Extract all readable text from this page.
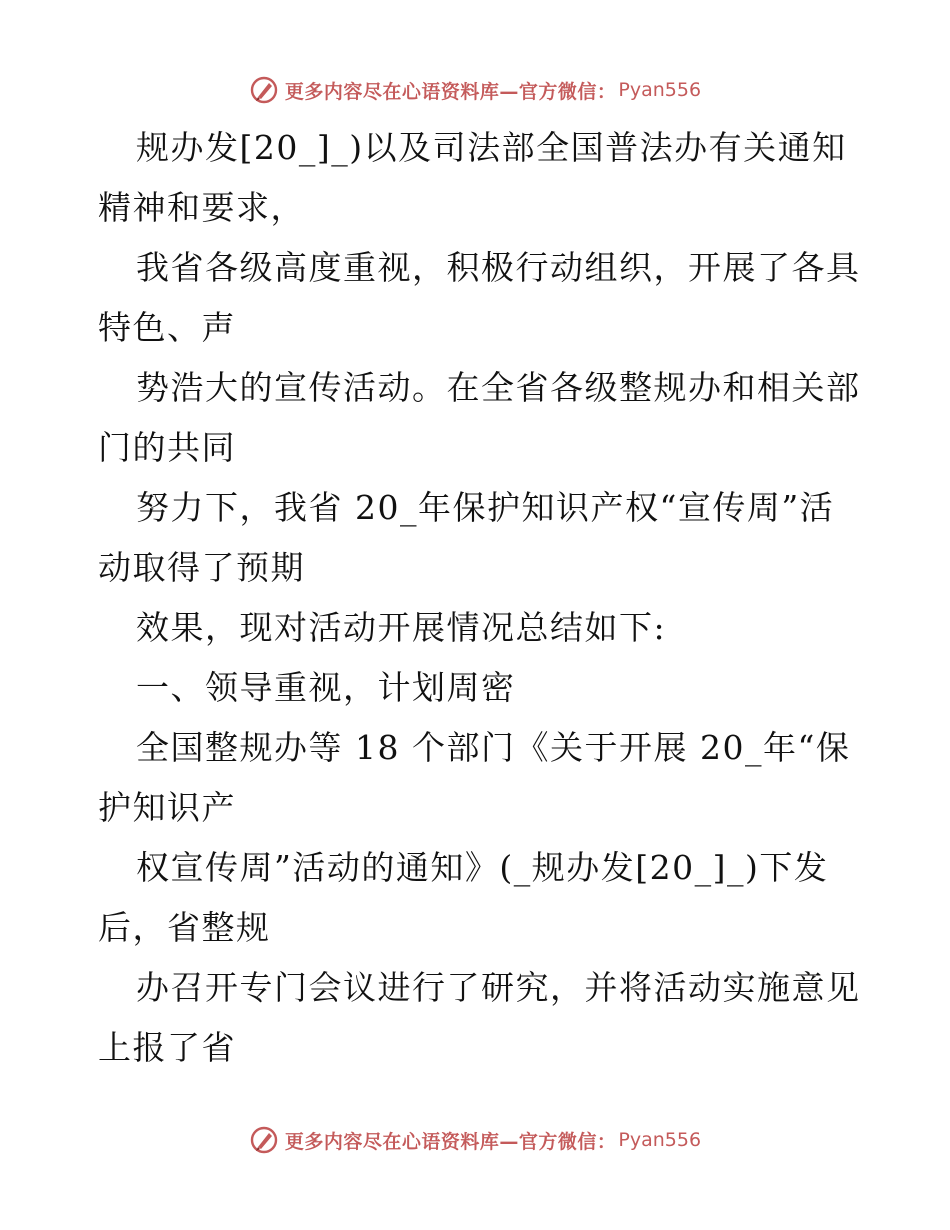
更多内容尽在心语资料库—官方微信： Pyan556
规办发[20_]_)以及司法部全国普法办有关通知
精神和要求，
我省各级高度重视，积极行动组织，开展了各具
特色、声
势浩大的宣传活动。在全省各级整规办和相关部
门的共同
努力下，我省 20_年保护知识产权“宣传周”活
动取得了预期
效果，现对活动开展情况总结如下:
一、领导重视，计划周密
全国整规办等 18 个部门《关于开展 20_年“保
护知识产
权宣传周”活动的通知》(_规办发[20_]_)下发
后，省整规
办召开专门会议进行了研究，并将活动实施意见
上报了省
更多内容尽在心语资料库—官方微信： Pyan556
